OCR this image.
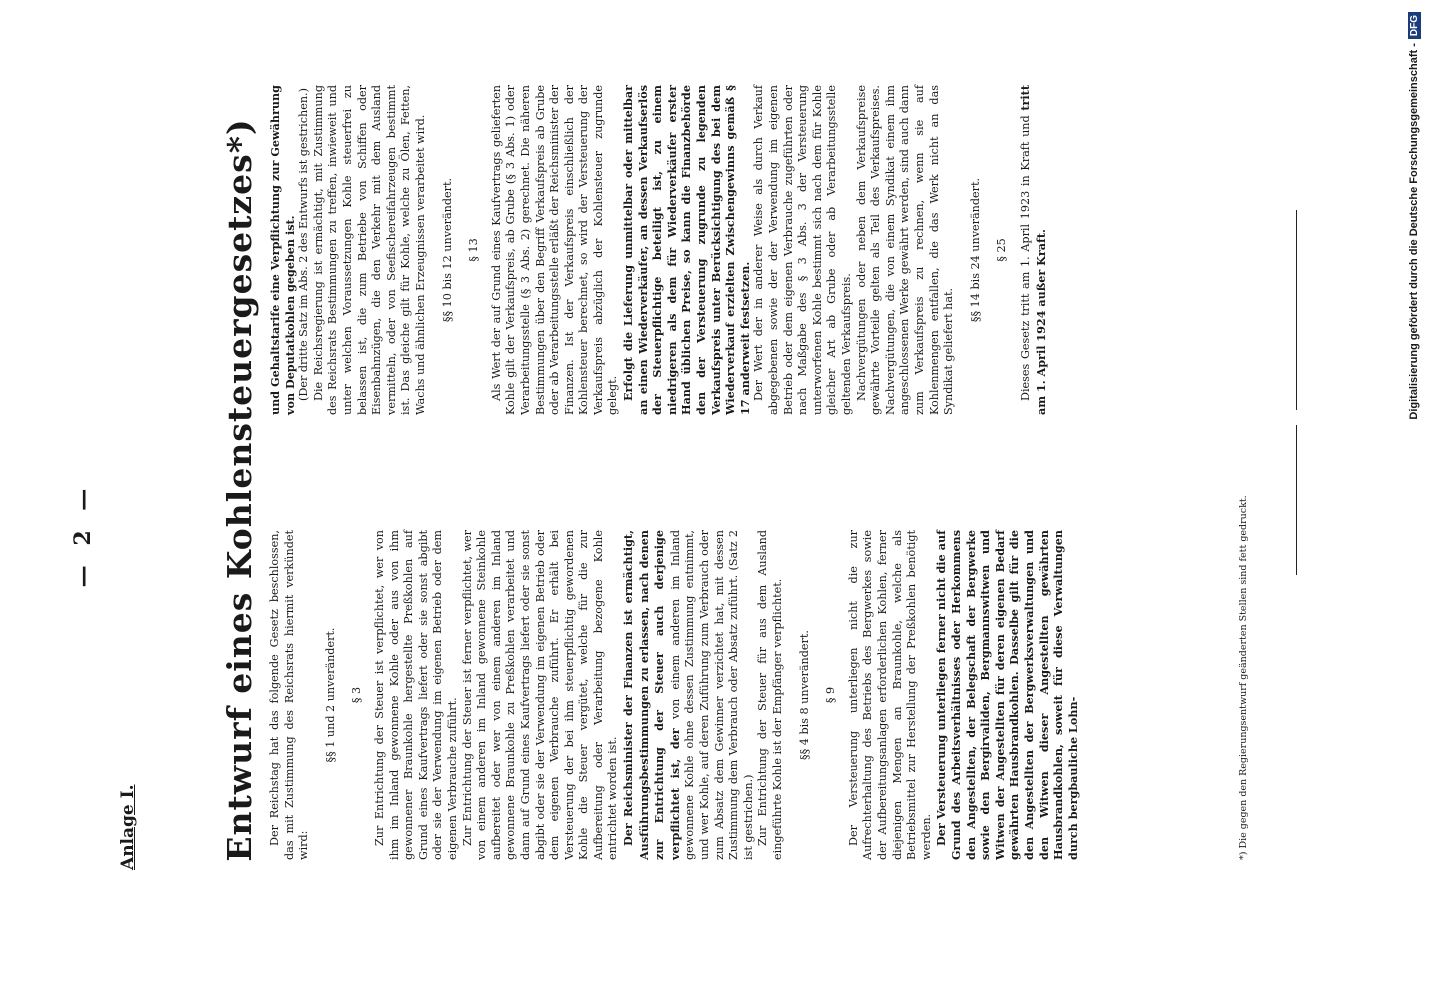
— 2 —
Anlage I. Entwurf eines Kohlensteuergesetzes*) Der Reichstag hat das folgende Gesetz beschlossen, das mit Zustimmung des Reichsrats hiermit verkündet wird:

§§ 1 und 2 unverändert. § 3 Zur Entrichtung der Steuer ist verpflichtet, wer von ihm im Inland gewonnene Kohle oder aus von ihm gewonnener Braunkohle hergestellte Preßkohlen auf Grund eines Kaufvertrags liefert oder sie sonst abgibt oder sie der Verwendung im eigenen Betrieb oder dem eigenen Verbrauche zuführt. Zur Entrichtung der Steuer ist ferner verpflichtet, wer von einem anderen im Inland gewonnene Steinkohle aufbereitet oder wer von einem anderen im Inland gewonnene Braunkohle zu Preßkohlen verarbeitet und dann auf Grund eines Kaufvertrags liefert oder sie sonst abgibt oder sie der Verwendung im eigenen Betrieb oder dem eigenen Verbrauche zuführt. Er erhält bei Versteuerung der bei ihm steuerpflichtig gewordenen Kohle die Steuer vergütet, welche für die zur Aufbereitung oder Verarbeitung bezogene Kohle entrichtet worden ist. Der Reichsminister der Finanzen ist ermächtigt, Ausführungsbestimmungen zu erlassen, nach denen zur Entrichtung der Steuer auch derjenige verpflichtet ist, der von einem anderen im Inland gewonnene Kohle ohne dessen Zustimmung entnimmt, und wer Kohle, auf deren Zuführung zum Verbrauch oder zum Absatz dem Gewinner verzichtet hat, mit dessen Zustimmung dem Verbrauch oder Absatz zuführt. (Satz 2 ist gestrichen.) Zur Entrichtung der Steuer für aus dem Ausland eingeführte Kohle ist der Empfänger verpflichtet. §§ 4 bis 8 unverändert. § 9 Der Versteuerung unterliegen nicht die zur Aufrechterhaltung des Betriebs des Bergwerkes sowie der Aufbereitungsanlagen erforderlichen Kohlen, ferner diejenigen Mengen an Braunkohle, welche als Betriebsmittel zur Herstellung der Preßkohlen benötigt werden. Der Versteuerung unterliegen ferner nicht die auf Grund des Arbeitsverhältnisses oder Herkommens den Angestellten, der Belegschaft der Bergwerke sowie den Bergirvaliden, Bergmannswitwen und Witwen der Angestellten für deren eigenen Bedarf gewährten Hausbrandkohlen. Dasselbe gilt für die den Angestellten der Bergwerksverwaltungen und den Witwen dieser Angestellten gewährten Hausbrandkohlen, soweit für diese Verwaltungen durch bergbauliche Lohn-

und Gehaltstarife eine Verpflichtung zur Gewährung von Deputatkohlen gegeben ist. (Der dritte Satz im Abs. 2 des Entwurfs ist gestrichen.) Die Reichsregierung ist ermächtigt, mit Zustimmung des Reichsrats Bestimmungen zu treffen, inwieweit und unter welchen Voraussetzungen Kohle steuerfrei zu belassen ist, die zum Betriebe von Schiffen oder Eisenbahnzügen, die den Verkehr mit dem Ausland vermitteln, oder von Seefischereifahrzeugen bestimmt ist. Das gleiche gilt für Kohle, welche zu Ölen, Fetten, Wachs und ähnlichen Erzeugnissen verarbeitet wird. §§ 10 bis 12 unverändert. § 13 Als Wert der auf Grund eines Kaufvertrags gelieferten Kohle gilt der Verkaufspreis, ab Grube (§ 3 Abs. 1) oder Verarbeitungsstelle (§ 3 Abs. 2) gerechnet. Die näheren Bestimmungen über den Begriff Verkaufspreis ab Grube oder ab Verarbeitungsstelle erläßt der Reichsminister der Finanzen. Ist der Verkaufspreis einschließlich der Kohlensteuer berechnet, so wird der Versteuerung der Verkaufspreis abzüglich der Kohlensteuer zugrunde gelegt. Erfolgt die Lieferung unmittelbar oder mittelbar an einen Wiederverkäufer, an dessen Verkaufserlös der Steuerpflichtige beteiligt ist, zu einem niedrigeren als dem für Wiederverkäufer erster Hand üblichen Preise, so kann die Finanzbehörde den der Versteuerung zugrunde zu legenden Verkaufspreis unter Berücksichtigung des bei dem Wiederverkauf erzielten Zwischengewinns gemäß § 17 anderweit festsetzen. Der Wert der in anderer Weise als durch Verkauf abgegebenen sowie der der Verwendung im eigenen Betrieb oder dem eigenen Verbrauche zugeführten oder nach Maßgabe des § 3 Abs. 3 der Versteuerung unterworfenen Kohle bestimmt sich nach dem für Kohle gleicher Art ab Grube oder ab Verarbeitungsstelle geltenden Verkaufspreis. Nachvergütungen oder neben dem Verkaufspreise gewährte Vorteile gelten als Teil des Verkaufspreises. Nachvergütungen, die von einem Syndikat einem ihm angeschlossenen Werke gewährt werden, sind auch dann zum Verkaufspreis zu rechnen, wenn sie auf Kohlenmengen entfallen, die das Werk nicht an das Syndikat geliefert hat.

§§ 14 bis 24 unverändert. § 25 Dieses Gesetz tritt am 1. April 1923 in Kraft und tritt am 1. April 1924 außer Kraft.

*) Die gegen den Regierungsentwurf geänderten Stellen sind fett gedruckt.
Digitalisierung gefördert durch die Deutsche Forschungsgemeinschaft -DFG
